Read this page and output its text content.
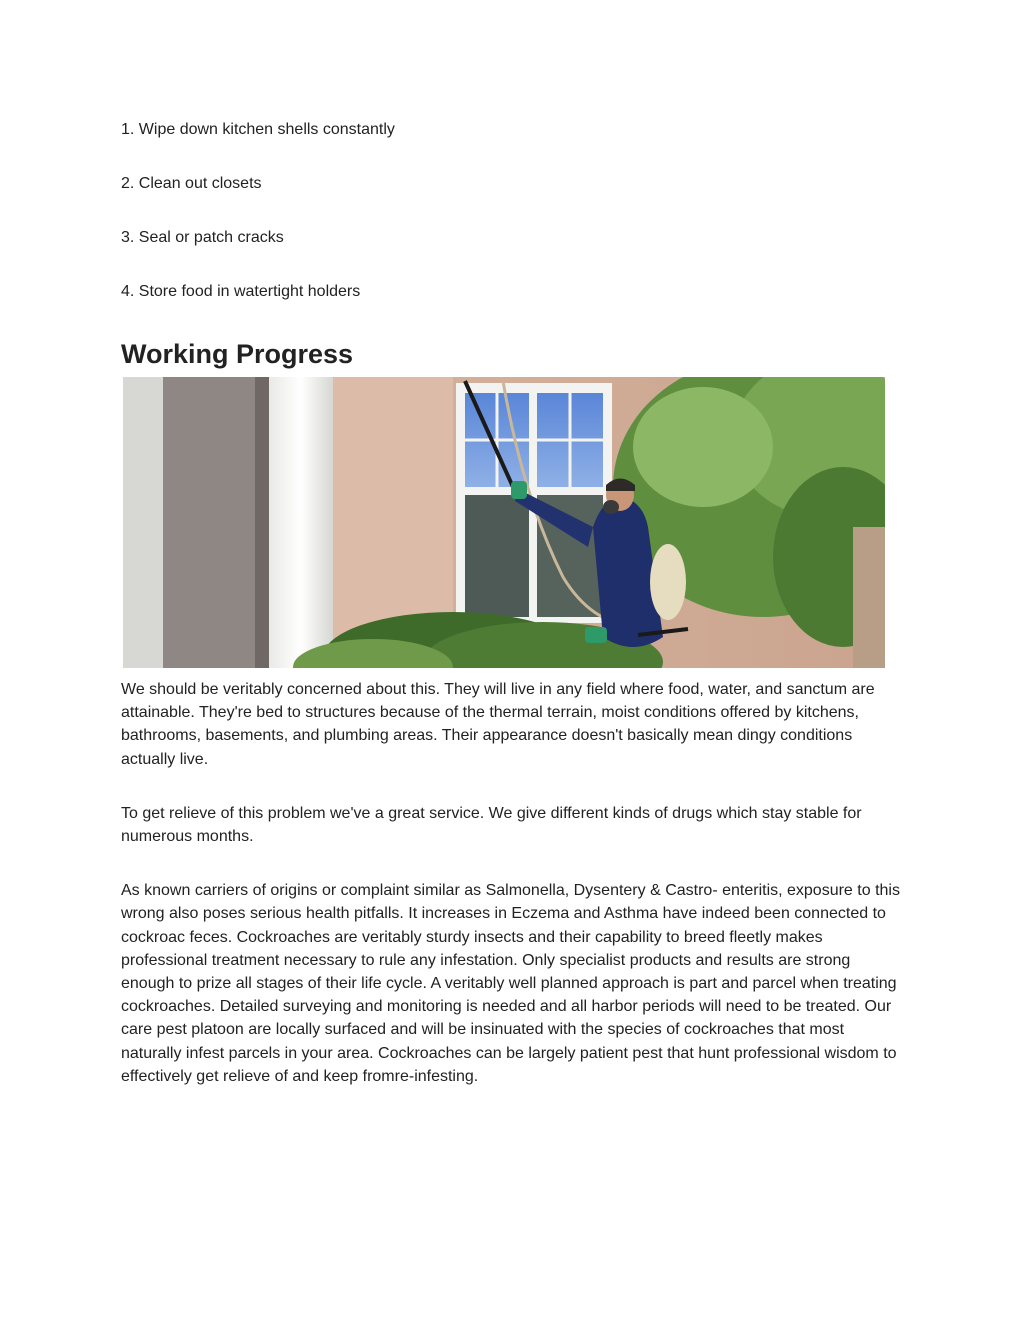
1. Wipe down kitchen shells constantly

2. Clean out closets

3. Seal or patch cracks

4. Store food in watertight holders

Working Progress

We should be veritably concerned about this. They will live in any field where food, water, and sanctum are attainable. They're bed to structures because of the thermal terrain, moist conditions offered by kitchens, bathrooms, basements, and plumbing areas. Their appearance doesn't basically mean dingy conditions actually live.

To get relieve of this problem we've a great service. We give different kinds of drugs which stay stable for numerous months.

As known carriers of origins or complaint similar as Salmonella, Dysentery & Castro- enteritis, exposure to this wrong also poses serious health pitfalls. It increases in Eczema and Asthma have indeed been connected to cockroac feces. Cockroaches are veritably sturdy insects and their capability to breed fleetly makes professional treatment necessary to rule any infestation. Only specialist products and results are strong enough to prize all stages of their life cycle. A veritably well planned approach is part and parcel when treating cockroaches. Detailed surveying and monitoring is needed and all harbor periods will need to be treated. Our care pest platoon are locally surfaced and will be insinuated with the species of cockroaches that most naturally infest parcels in your area. Cockroaches can be largely patient pest that hunt professional wisdom to effectively get relieve of and keep fromre-infesting.
